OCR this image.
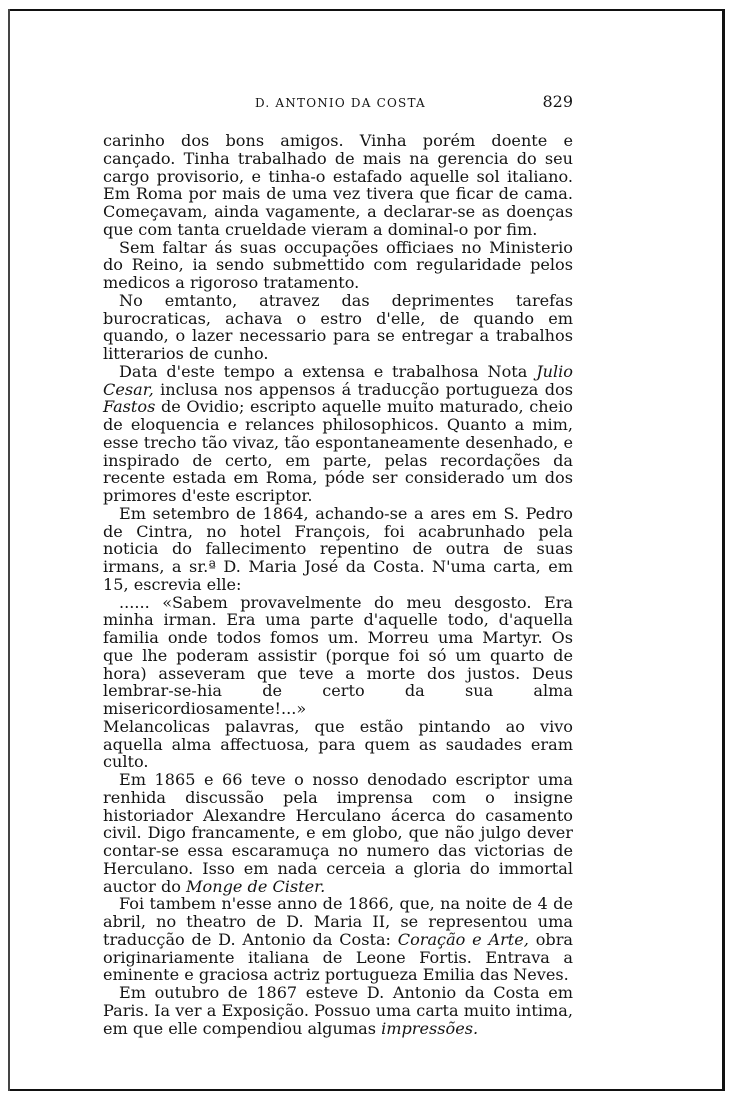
D. ANTONIO DA COSTA	829

carinho dos bons amigos. Vinha porém doente e cançado. Tinha trabalhado de mais na gerencia do seu cargo provisorio, e tinha-o estafado aquelle sol italiano. Em Roma por mais de uma vez tivera que ficar de cama. Começavam, ainda vagamente, a declarar-se as doenças que com tanta crueldade vieram a dominal-o por fim.

Sem faltar ás suas occupações officiaes no Ministerio do Reino, ia sendo submettido com regularidade pelos medicos a rigoroso tratamento.

No emtanto, atravez das deprimentes tarefas burocraticas, achava o estro d'elle, de quando em quando, o lazer necessario para se entregar a trabalhos litterarios de cunho.

Data d'este tempo a extensa e trabalhosa Nota Julio Cesar, inclusa nos appensos á traducção portugueza dos Fastos de Ovidio; escripto aquelle muito maturado, cheio de eloquencia e relances philosophicos. Quanto a mim, esse trecho tão vivaz, tão espontaneamente desenhado, e inspirado de certo, em parte, pelas recordações da recente estada em Roma, póde ser considerado um dos primores d'este escriptor.

Em setembro de 1864, achando-se a ares em S. Pedro de Cintra, no hotel François, foi acabrunhado pela noticia do fallecimento repentino de outra de suas irmans, a sr.ª D. Maria José da Costa. N'uma carta, em 15, escrevia elle:

...... «Sabem provavelmente do meu desgosto. Era minha irman. Era uma parte d'aquelle todo, d'aquella familia onde todos fomos um. Morreu uma Martyr. Os que lhe poderam assistir (porque foi só um quarto de hora) asseveram que teve a morte dos justos. Deus lembrar-se-hia de certo da sua alma misericordiosamente!...»

Melancolicas palavras, que estão pintando ao vivo aquella alma affectuosa, para quem as saudades eram culto.

Em 1865 e 66 teve o nosso denodado escriptor uma renhida discussão pela imprensa com o insigne historiador Alexandre Herculano ácerca do casamento civil. Digo francamente, e em globo, que não julgo dever contar-se essa escaramuça no numero das victorias de Herculano. Isso em nada cerceia a gloria do immortal auctor do Monge de Cister.

Foi tambem n'esse anno de 1866, que, na noite de 4 de abril, no theatro de D. Maria II, se representou uma traducção de D. Antonio da Costa: Coração e Arte, obra originariamente italiana de Leone Fortis. Entrava a eminente e graciosa actriz portugueza Emilia das Neves.

Em outubro de 1867 esteve D. Antonio da Costa em Paris. Ia ver a Exposição. Possuo uma carta muito intima, em que elle compendiou algumas impressões.
